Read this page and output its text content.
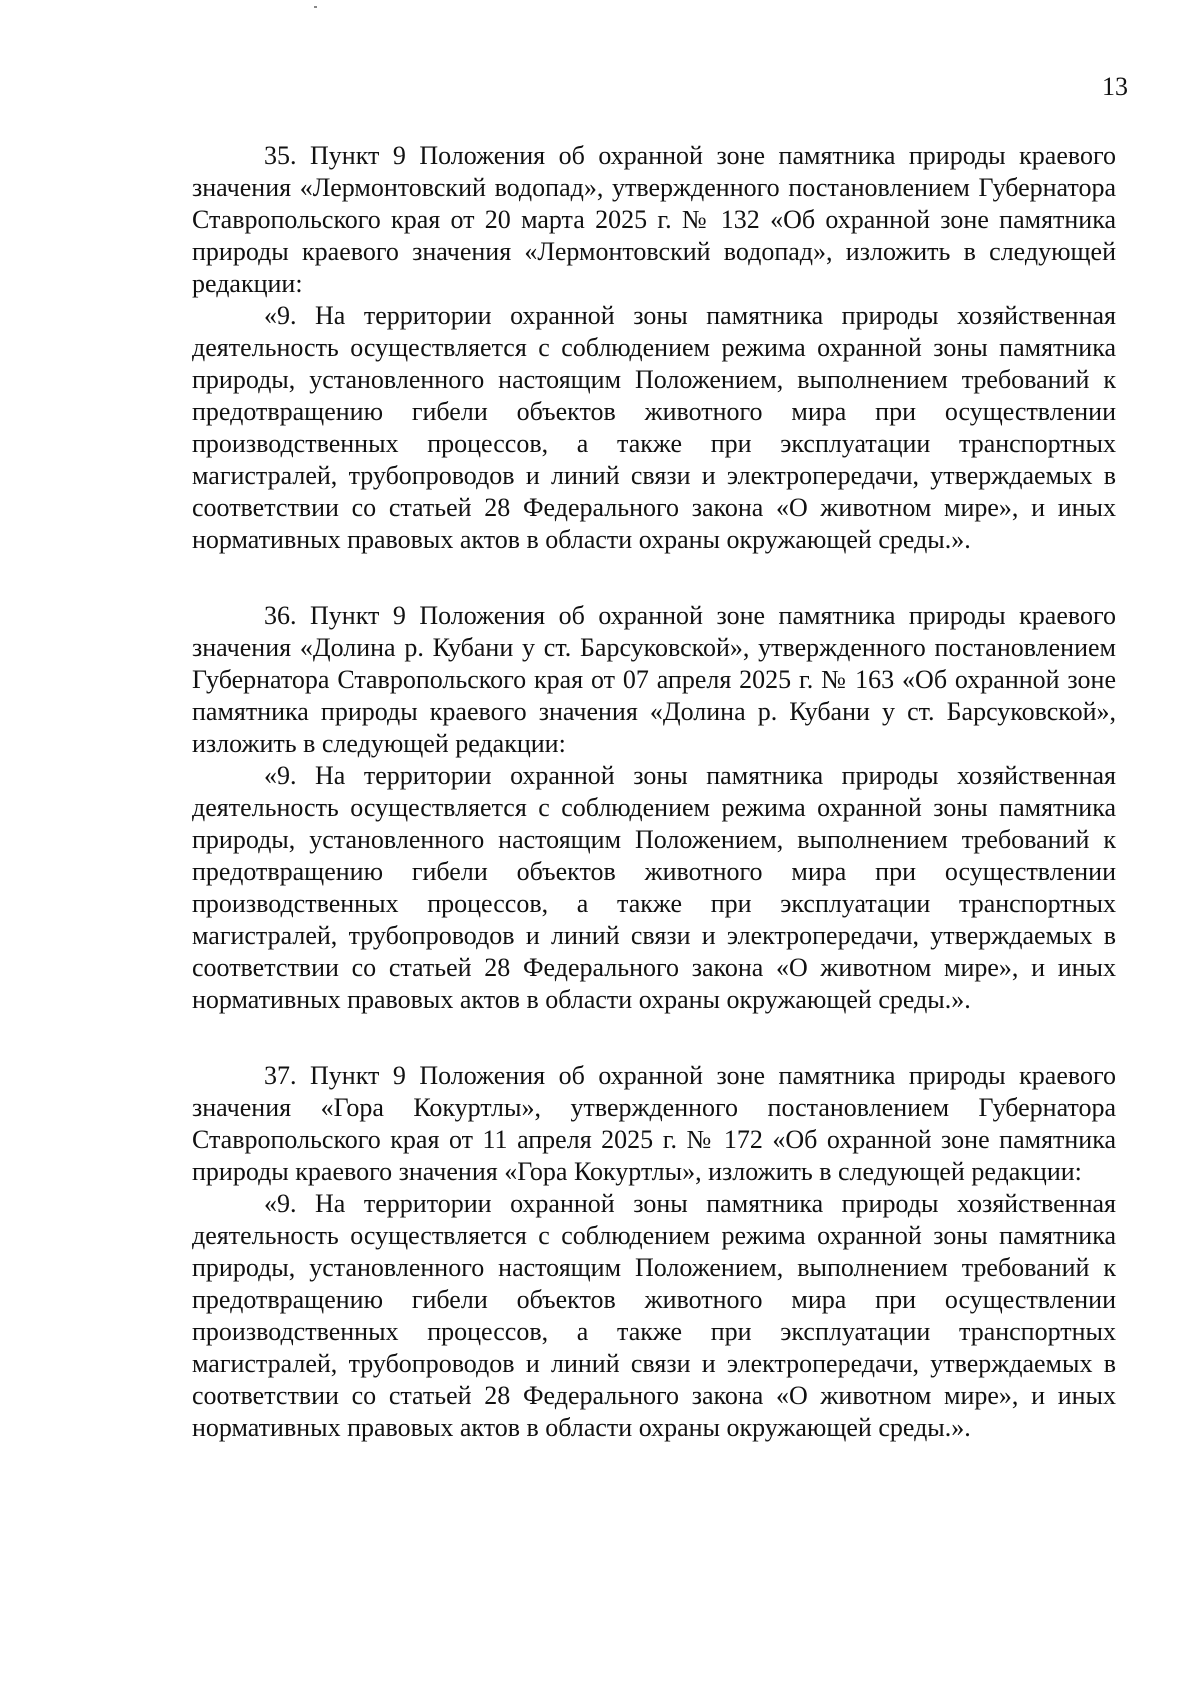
13

35. Пункт 9 Положения об охранной зоне памятника природы краевого значения «Лермонтовский водопад», утвержденного постановлением Губернатора Ставропольского края от 20 марта 2025 г. № 132 «Об охранной зоне памятника природы краевого значения «Лермонтовский водопад», изложить в следующей редакции:

«9. На территории охранной зоны памятника природы хозяйственная деятельность осуществляется с соблюдением режима охранной зоны памятника природы, установленного настоящим Положением, выполнением требований к предотвращению гибели объектов животного мира при осуществлении производственных процессов, а также при эксплуатации транспортных магистралей, трубопроводов и линий связи и электропередачи, утверждаемых в соответствии со статьей 28 Федерального закона «О животном мире», и иных нормативных правовых актов в области охраны окружающей среды.».

36. Пункт 9 Положения об охранной зоне памятника природы краевого значения «Долина р. Кубани у ст. Барсуковской», утвержденного постановлением Губернатора Ставропольского края от 07 апреля 2025 г. № 163 «Об охранной зоне памятника природы краевого значения «Долина р. Кубани у ст. Барсуковской», изложить в следующей редакции:

«9. На территории охранной зоны памятника природы хозяйственная деятельность осуществляется с соблюдением режима охранной зоны памятника природы, установленного настоящим Положением, выполнением требований к предотвращению гибели объектов животного мира при осуществлении производственных процессов, а также при эксплуатации транспортных магистралей, трубопроводов и линий связи и электропередачи, утверждаемых в соответствии со статьей 28 Федерального закона «О животном мире», и иных нормативных правовых актов в области охраны окружающей среды.».

37. Пункт 9 Положения об охранной зоне памятника природы краевого значения «Гора Кокуртлы», утвержденного постановлением Губернатора Ставропольского края от 11 апреля 2025 г. № 172 «Об охранной зоне памятника природы краевого значения «Гора Кокуртлы», изложить в следующей редакции:

«9. На территории охранной зоны памятника природы хозяйственная деятельность осуществляется с соблюдением режима охранной зоны памятника природы, установленного настоящим Положением, выполнением требований к предотвращению гибели объектов животного мира при осуществлении производственных процессов, а также при эксплуатации транспортных магистралей, трубопроводов и линий связи и электропередачи, утверждаемых в соответствии со статьей 28 Федерального закона «О животном мире», и иных нормативных правовых актов в области охраны окружающей среды.».
